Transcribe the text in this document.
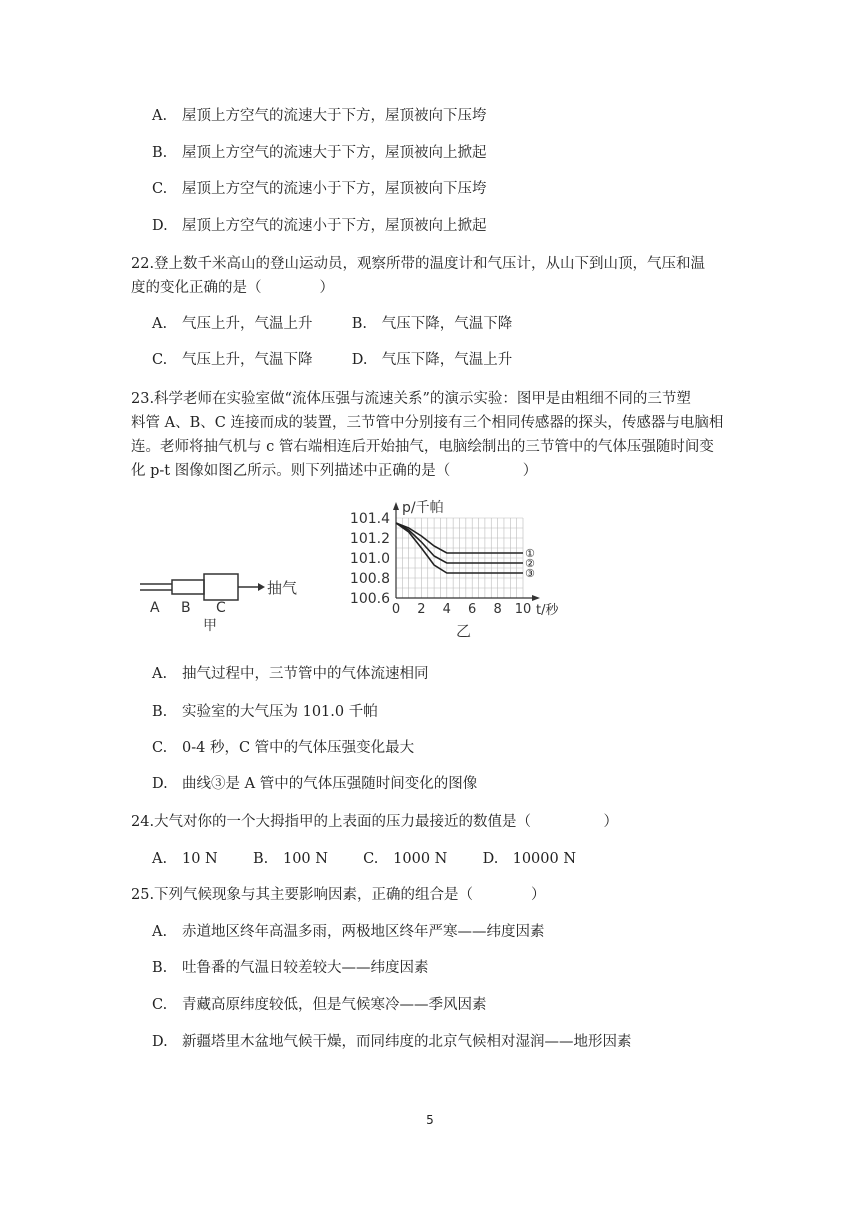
A. 屋顶上方空气的流速大于下方，屋顶被向下压垮
B. 屋顶上方空气的流速大于下方，屋顶被向上掀起
C. 屋顶上方空气的流速小于下方，屋顶被向下压垮
D. 屋顶上方空气的流速小于下方，屋顶被向上掀起
22.登上数千米高山的登山运动员，观察所带的温度计和气压计，从山下到山顶，气压和温
度的变化正确的是（　　　　）
A. 气压上升，气温上升	B. 气压下降，气温下降
C. 气压上升，气温下降	D. 气压下降，气温上升
23.科学老师在实验室做“流体压强与流速关系”的演示实验：图甲是由粗细不同的三节塑
料管 A、B、C 连接而成的装置，三节管中分别接有三个相同传感器的探头，传感器与电脑相
连。老师将抽气机与 c 管右端相连后开始抽气，电脑绘制出的三节管中的气体压强随时间变
化 p-t 图像如图乙所示。则下列描述中正确的是（　　　　　）
抽气
A B C
甲
p/千帕
t/秒
101.4
101.2
101.0
100.8
100.6
0 2 4 6 8 10
①
②
③
乙
A. 抽气过程中，三节管中的气体流速相同
B. 实验室的大气压为 101.0 千帕
C. 0-4 秒，C 管中的气体压强变化最大
D. 曲线③是 A 管中的气体压强随时间变化的图像
24.大气对你的一个大拇指甲的上表面的压力最接近的数值是（　　　　　）
A. 10 N B. 100 N C. 1000 N D. 10000 N
25.下列气候现象与其主要影响因素，正确的组合是（　　　　）
A. 赤道地区终年高温多雨，两极地区终年严寒——纬度因素
B. 吐鲁番的气温日较差较大——纬度因素
C. 青藏高原纬度较低，但是气候寒冷——季风因素
D. 新疆塔里木盆地气候干燥，而同纬度的北京气候相对湿润——地形因素
5
